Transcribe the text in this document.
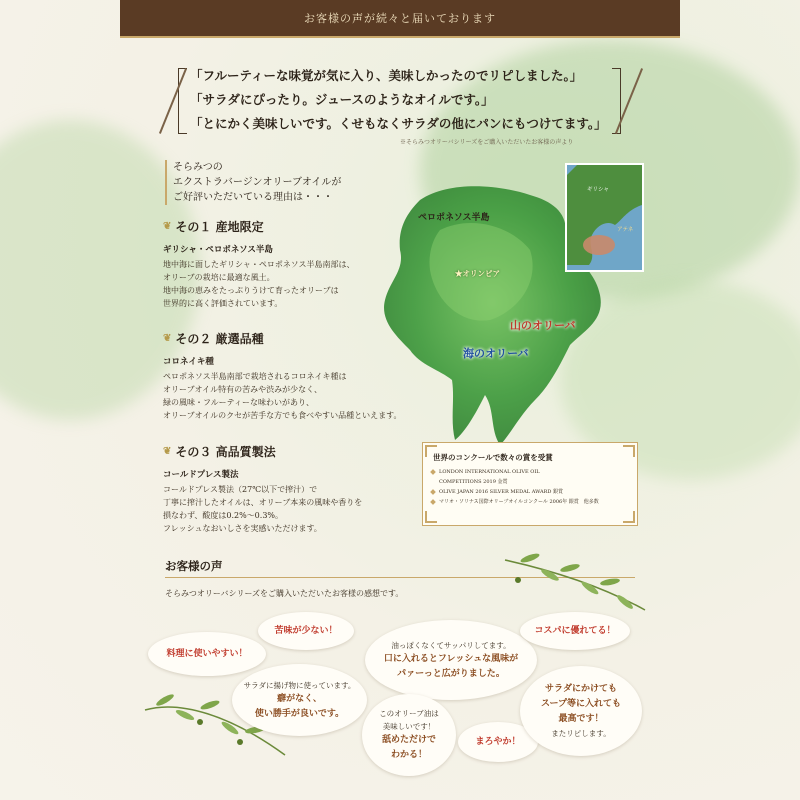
お客様の声が続々と届いております
「フルーティーな味覚が気に入り、美味しかったのでリピしました。」
「サラダにぴったり。ジュースのようなオイルです。」
「とにかく美味しいです。くせもなくサラダの他にパンにもつけてます。」
※そらみつオリーバシリーズをご購入いただいたお客様の声より
そらみつの
エクストラバージンオリーブオイルが
ご好評いただいている理由は・・・
❦ その１ 産地限定
ギリシャ・ペロポネソス半島
地中海に面したギリシャ・ペロポネソス半島南部は、
オリーブの栽培に最適な風土。
地中海の恵みをたっぷりうけて育ったオリーブは
世界的に高く評価されています。
❦ その２ 厳選品種
コロネイキ種
ペロポネソス半島南部で栽培されるコロネイキ種は
オリーブオイル特有の苦みや渋みが少なく、
緑の風味・フルーティーな味わいがあり、
オリーブオイルのクセが苦手な方でも食べやすい品種といえます。
❦ その３ 高品質製法
コールドプレス製法
コールドプレス製法（27℃以下で搾汁）で
丁寧に搾汁したオイルは、オリーブ本来の風味や香りを
損なわず、酸度は0.2%〜0.3%。
フレッシュなおいしさを実感いただけます。
ペロポネソス半島
★オリンピア
山のオリーバ
海のオリーバ
ギリシャ
アテネ
世界のコンクールで数々の賞を受賞
LONDON INTERNATIONAL OLIVE OIL
COMPETITIONS 2019 金賞
OLIVE JAPAN 2016 SILVER MEDAL AWARD 銀賞
マリオ・ソリナス国際オリーブオイルコンクール 2006年 銀賞　他多数
お客様の声
そらみつオリーバシリーズをご購入いただいたお客様の感想です。
苦味が少ない！
料理に使いやすい！
サラダに揚げ物に使っています。
癖がなく、
使い勝手が良いです。
油っぽくなくてサッパリしてます。
口に入れるとフレッシュな風味が
パァーっと広がりました。
コスパに優れてる！
このオリーブ油は
美味しいです！
舐めただけで
わかる！
まろやか！
サラダにかけても
スープ等に入れても
最高です！
またリピします。
